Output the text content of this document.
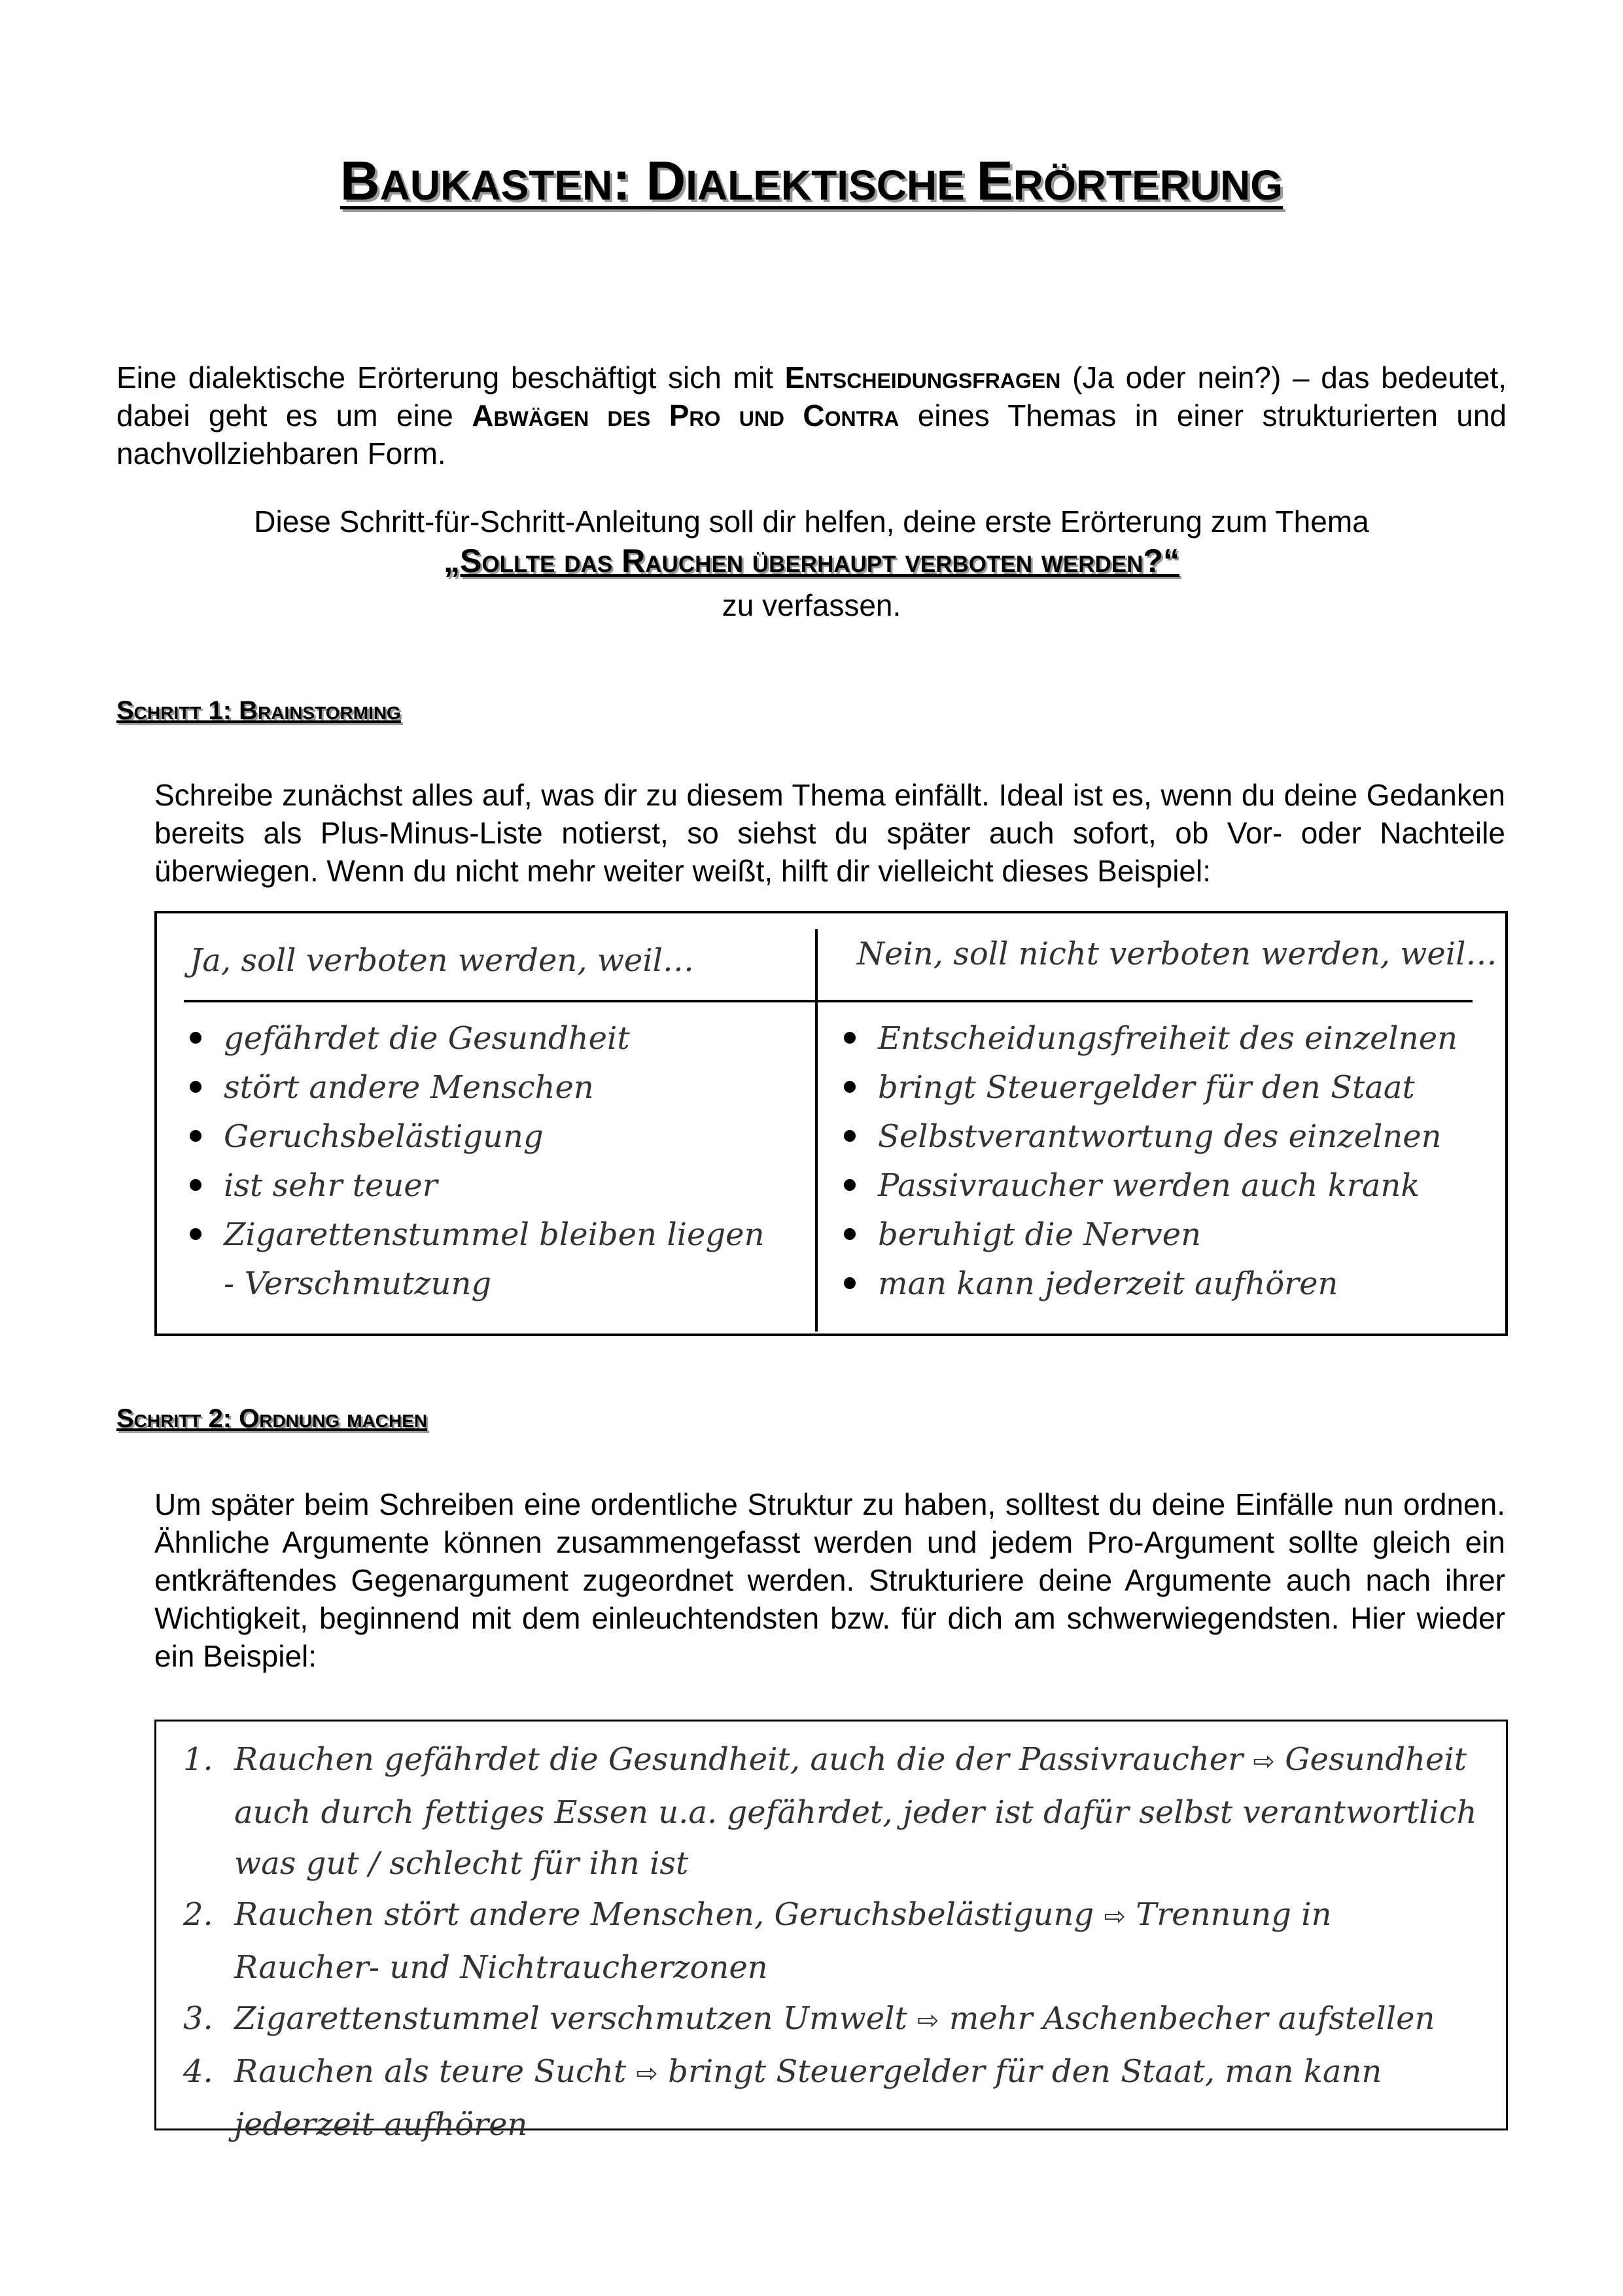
BAUKASTEN: DIALEKTISCHE ERÖRTERUNG
Eine dialektische Erörterung beschäftigt sich mit Entscheidungsfragen (Ja oder nein?) – das bedeutet, dabei geht es um eine Abwägen des Pro und Contra eines Themas in einer strukturierten und nachvollziehbaren Form.
Diese Schritt-für-Schritt-Anleitung soll dir helfen, deine erste Erörterung zum Thema
„Sollte das Rauchen überhaupt verboten werden?“
zu verfassen.
Schritt 1: Brainstorming
Schreibe zunächst alles auf, was dir zu diesem Thema einfällt. Ideal ist es, wenn du deine Gedanken bereits als Plus-Minus-Liste notierst, so siehst du später auch sofort, ob Vor- oder Nachteile überwiegen. Wenn du nicht mehr weiter weißt, hilft dir vielleicht dieses Beispiel:
Ja, soll verboten werden, weil…	Nein, soll nicht verboten werden, weil…
gefährdet die Gesundheit
stört andere Menschen
Geruchsbelästigung
ist sehr teuer
Zigarettenstummel bleiben liegen - Verschmutzung
Entscheidungsfreiheit des einzelnen
bringt Steuergelder für den Staat
Selbstverantwortung des einzelnen
Passivraucher werden auch krank
beruhigt die Nerven
man kann jederzeit aufhören
Schritt 2: Ordnung machen
Um später beim Schreiben eine ordentliche Struktur zu haben, solltest du deine Einfälle nun ordnen. Ähnliche Argumente können zusammengefasst werden und jedem Pro-Argument sollte gleich ein entkräftendes Gegenargument zugeordnet werden. Strukturiere deine Argumente auch nach ihrer Wichtigkeit, beginnend mit dem einleuchtendsten bzw. für dich am schwerwiegendsten. Hier wieder ein Beispiel:
1. Rauchen gefährdet die Gesundheit, auch die der Passivraucher ⇨ Gesundheit auch durch fettiges Essen u.a. gefährdet, jeder ist dafür selbst verantwortlich was gut / schlecht für ihn ist
2. Rauchen stört andere Menschen, Geruchsbelästigung ⇨ Trennung in Raucher- und Nichtraucherzonen
3. Zigarettenstummel verschmutzen Umwelt ⇨ mehr Aschenbecher aufstellen
4. Rauchen als teure Sucht ⇨ bringt Steuergelder für den Staat, man kann jederzeit aufhören
